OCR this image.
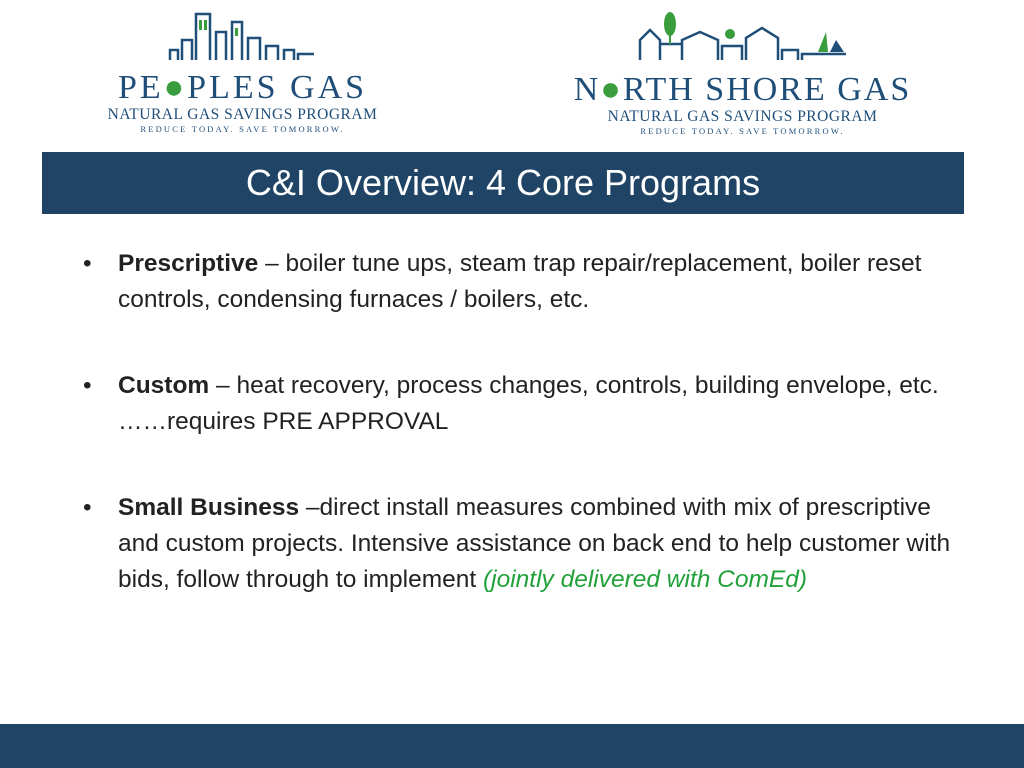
PE●PLES GAS
NATURAL GAS SAVINGS PROGRAM
REDUCE TODAY. SAVE TOMORROW.
N●RTH SHORE GAS
NATURAL GAS SAVINGS PROGRAM
REDUCE TODAY. SAVE TOMORROW.
C&I Overview: 4 Core Programs
• Prescriptive – boiler tune ups, steam trap repair/replacement, boiler reset controls, condensing furnaces / boilers, etc.
• Custom – heat recovery, process changes, controls, building envelope, etc. ……requires PRE APPROVAL
• Small Business –direct install measures combined with mix of prescriptive and custom projects. Intensive assistance on back end to help customer with bids, follow through to implement (jointly delivered with ComEd)
